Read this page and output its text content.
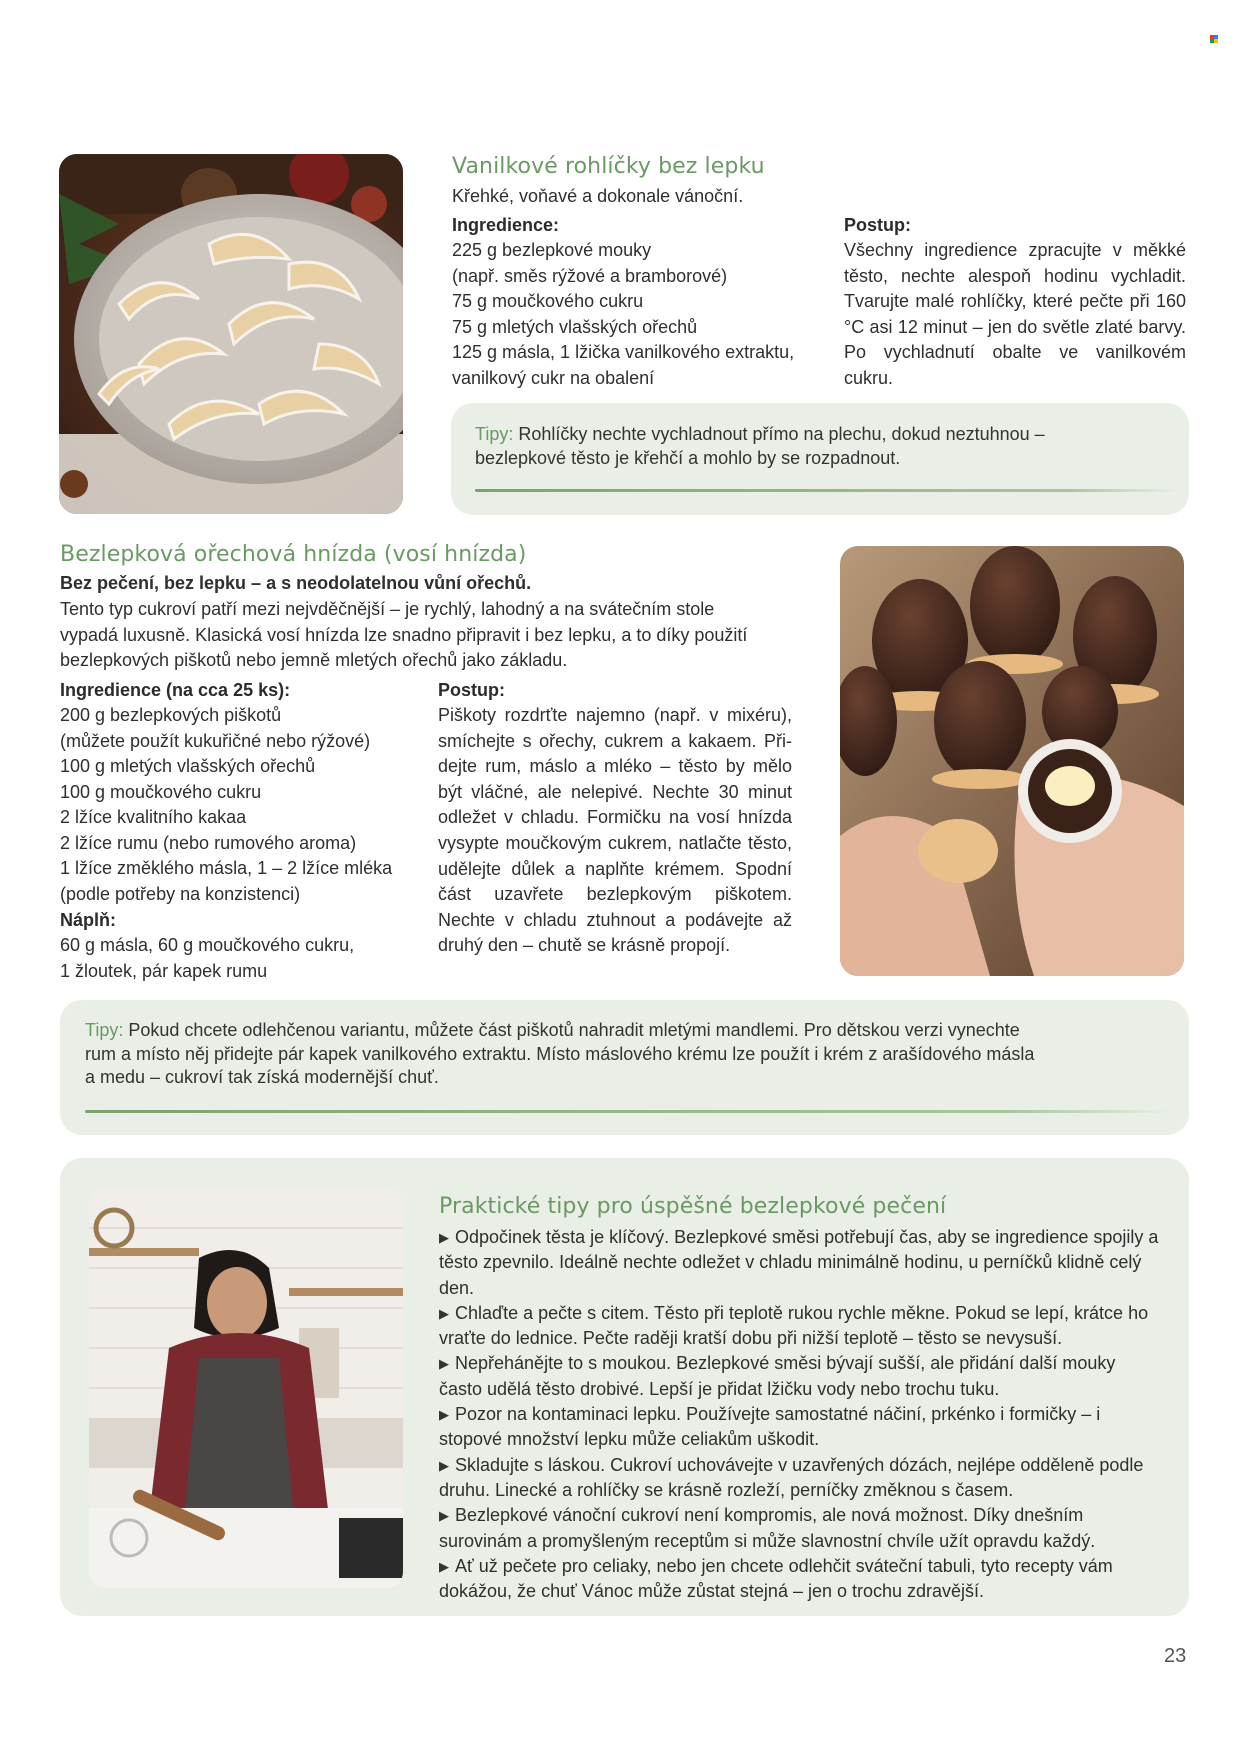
Vanilkové rohlíčky bez lepku
Křehké, voňavé a dokonale vánoční.
Ingredience:
225 g bezlepkové mouky
(např. směs rýžové a bramborové)
75 g moučkového cukru
75 g mletých vlašských ořechů
125 g másla, 1 lžička vanilkového extraktu,
vanilkový cukr na obalení
Postup:
Všechny ingredience zpracujte v měkké těsto, nechte alespoň hodinu vychladit. Tvarujte malé rohlíčky, které pečte při 160 °C asi 12 minut – jen do světle zlaté barvy. Po vychladnutí obalte ve vanilkovém cukru.
Tipy: Rohlíčky nechte vychladnout přímo na plechu, dokud neztuhnou –
bezlepkové těsto je křehčí a mohlo by se rozpadnout.
Bezlepková ořechová hnízda (vosí hnízda)
Bez pečení, bez lepku – a s neodolatelnou vůní ořechů.
Tento typ cukroví patří mezi nejvděčnější – je rychlý, lahodný a na svátečním stole
vypadá luxusně. Klasická vosí hnízda lze snadno připravit i bez lepku, a to díky použití
bezlepkových piškotů nebo jemně mletých ořechů jako základu.
Ingredience (na cca 25 ks):
200 g bezlepkových piškotů
(můžete použít kukuřičné nebo rýžové)
100 g mletých vlašských ořechů
100 g moučkového cukru
2 lžíce kvalitního kakaa
2 lžíce rumu (nebo rumového aroma)
1 lžíce změklého másla, 1 – 2 lžíce mléka
(podle potřeby na konzistenci)
Náplň:
60 g másla, 60 g moučkového cukru,
1 žloutek, pár kapek rumu
Postup:
Piškoty rozdrťte najemno (např. v mixéru), smíchejte s ořechy, cukrem a kakaem. Přidejte rum, máslo a mléko – těsto by mělo být vláčné, ale nelepivé. Nechte 30 minut odležet v chladu. Formičku na vosí hnízda vysypte moučkovým cukrem, natlačte těsto, udělejte důlek a naplňte krémem. Spodní část uzavřete bezlepkovým piškotem. Nechte v chladu ztuhnout a podávejte až druhý den – chutě se krásně propojí.
Tipy: Pokud chcete odlehčenou variantu, můžete část piškotů nahradit mletými mandlemi. Pro dětskou verzi vynechte
rum a místo něj přidejte pár kapek vanilkového extraktu. Místo máslového krému lze použít i krém z arašídového másla
a medu – cukroví tak získá modernější chuť.
Praktické tipy pro úspěšné bezlepkové pečení
▶ Odpočinek těsta je klíčový. Bezlepkové směsi potřebují čas, aby se ingredience spojily a těsto zpevnilo. Ideálně nechte odležet v chladu minimálně hodinu, u perníčků klidně celý den.
▶ Chlaďte a pečte s citem. Těsto při teplotě rukou rychle měkne. Pokud se lepí, krátce ho vraťte do lednice. Pečte raději kratší dobu při nižší teplotě – těsto se nevysuší.
▶ Nepřehánějte to s moukou. Bezlepkové směsi bývají sušší, ale přidání další mouky často udělá těsto drobivé. Lepší je přidat lžičku vody nebo trochu tuku.
▶ Pozor na kontaminaci lepku. Používejte samostatné náčiní, prkénko i formičky – i stopové množství lepku může celiakům uškodit.
▶ Skladujte s láskou. Cukroví uchovávejte v uzavřených dózách, nejlépe odděleně podle druhu. Linecké a rohlíčky se krásně rozleží, perníčky změknou s časem.
▶ Bezlepkové vánoční cukroví není kompromis, ale nová možnost. Díky dnešním surovinám a promyšleným receptům si může slavnostní chvíle užít opravdu každý.
▶ Ať už pečete pro celiaky, nebo jen chcete odlehčit sváteční tabuli, tyto recepty vám dokážou, že chuť Vánoc může zůstat stejná – jen o trochu zdravější.
23
